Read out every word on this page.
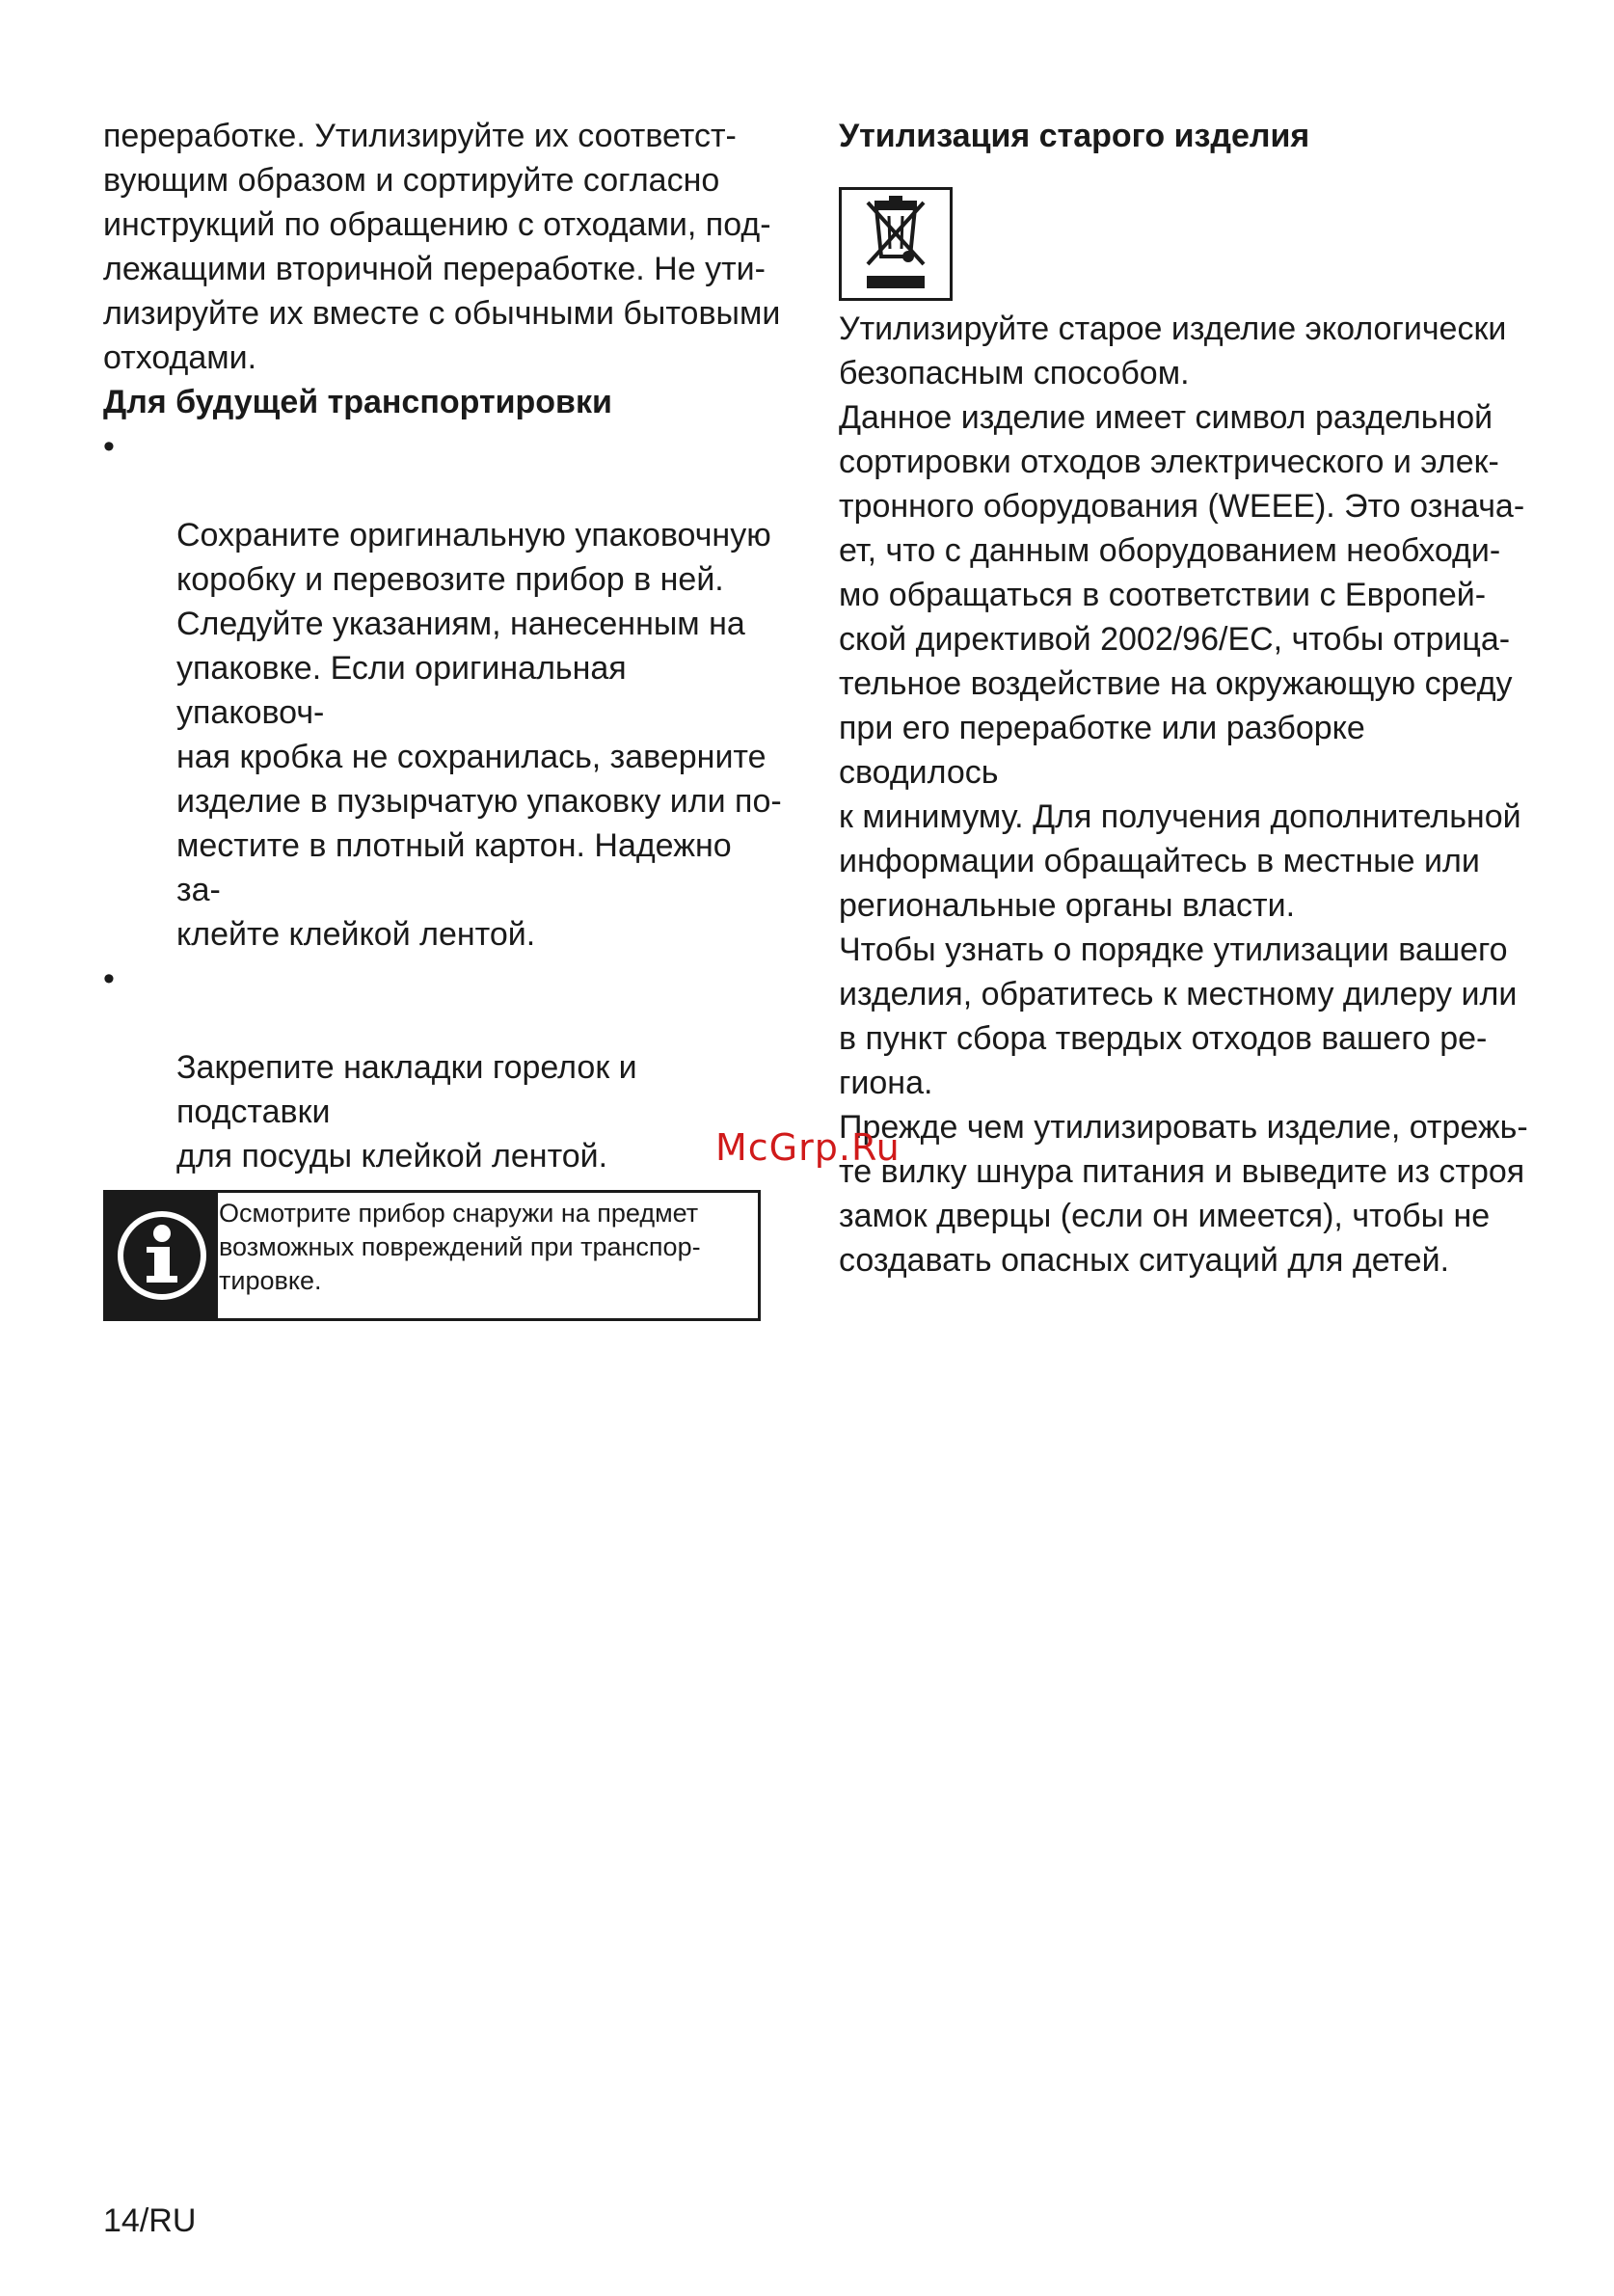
переработке. Утилизируйте их соответст-
вующим образом и сортируйте согласно
инструкций по обращению с отходами, под-
лежащими вторичной переработке. Не ути-
лизируйте их вместе с обычными бытовыми
отходами.

Для будущей транспортировки

•

Сохраните оригинальную упаковочную
коробку и перевозите прибор в ней.
Следуйте указаниям, нанесенным на
упаковке. Если оригинальная упаковоч-
ная кробка не сохранилась, заверните
изделие в пузырчатую упаковку или по-
местите в плотный картон. Надежно за-
клейте клейкой лентой.

•

Закрепите накладки горелок и подставки
для посуды клейкой лентой.

Осмотрите прибор снаружи на предмет
возможных повреждений при транспор-
тировке.
Утилизация старого изделия

Утилизируйте старое изделие экологически
безопасным способом.

Данное изделие имеет символ раздельной
сортировки отходов электрического и элек-
тронного оборудования (WEEE). Это означа-
ет, что с данным оборудованием необходи-
мо обращаться в соответствии с Европей-
ской директивой 2002/96/EC, чтобы отрица-
тельное воздействие на окружающую среду
при его переработке или разборке сводилось
к минимуму. Для получения дополнительной
информации обращайтесь в местные или
региональные органы власти.

Чтобы узнать о порядке утилизации вашего
изделия, обратитесь к местному дилеру или
в пункт сбора твердых отходов вашего ре-
гиона.

Прежде чем утилизировать изделие, отрежь-
те вилку шнура питания и выведите из строя
замок дверцы (если он имеется), чтобы не
создавать опасных ситуаций для детей.

McGrp.Ru
14/RU
